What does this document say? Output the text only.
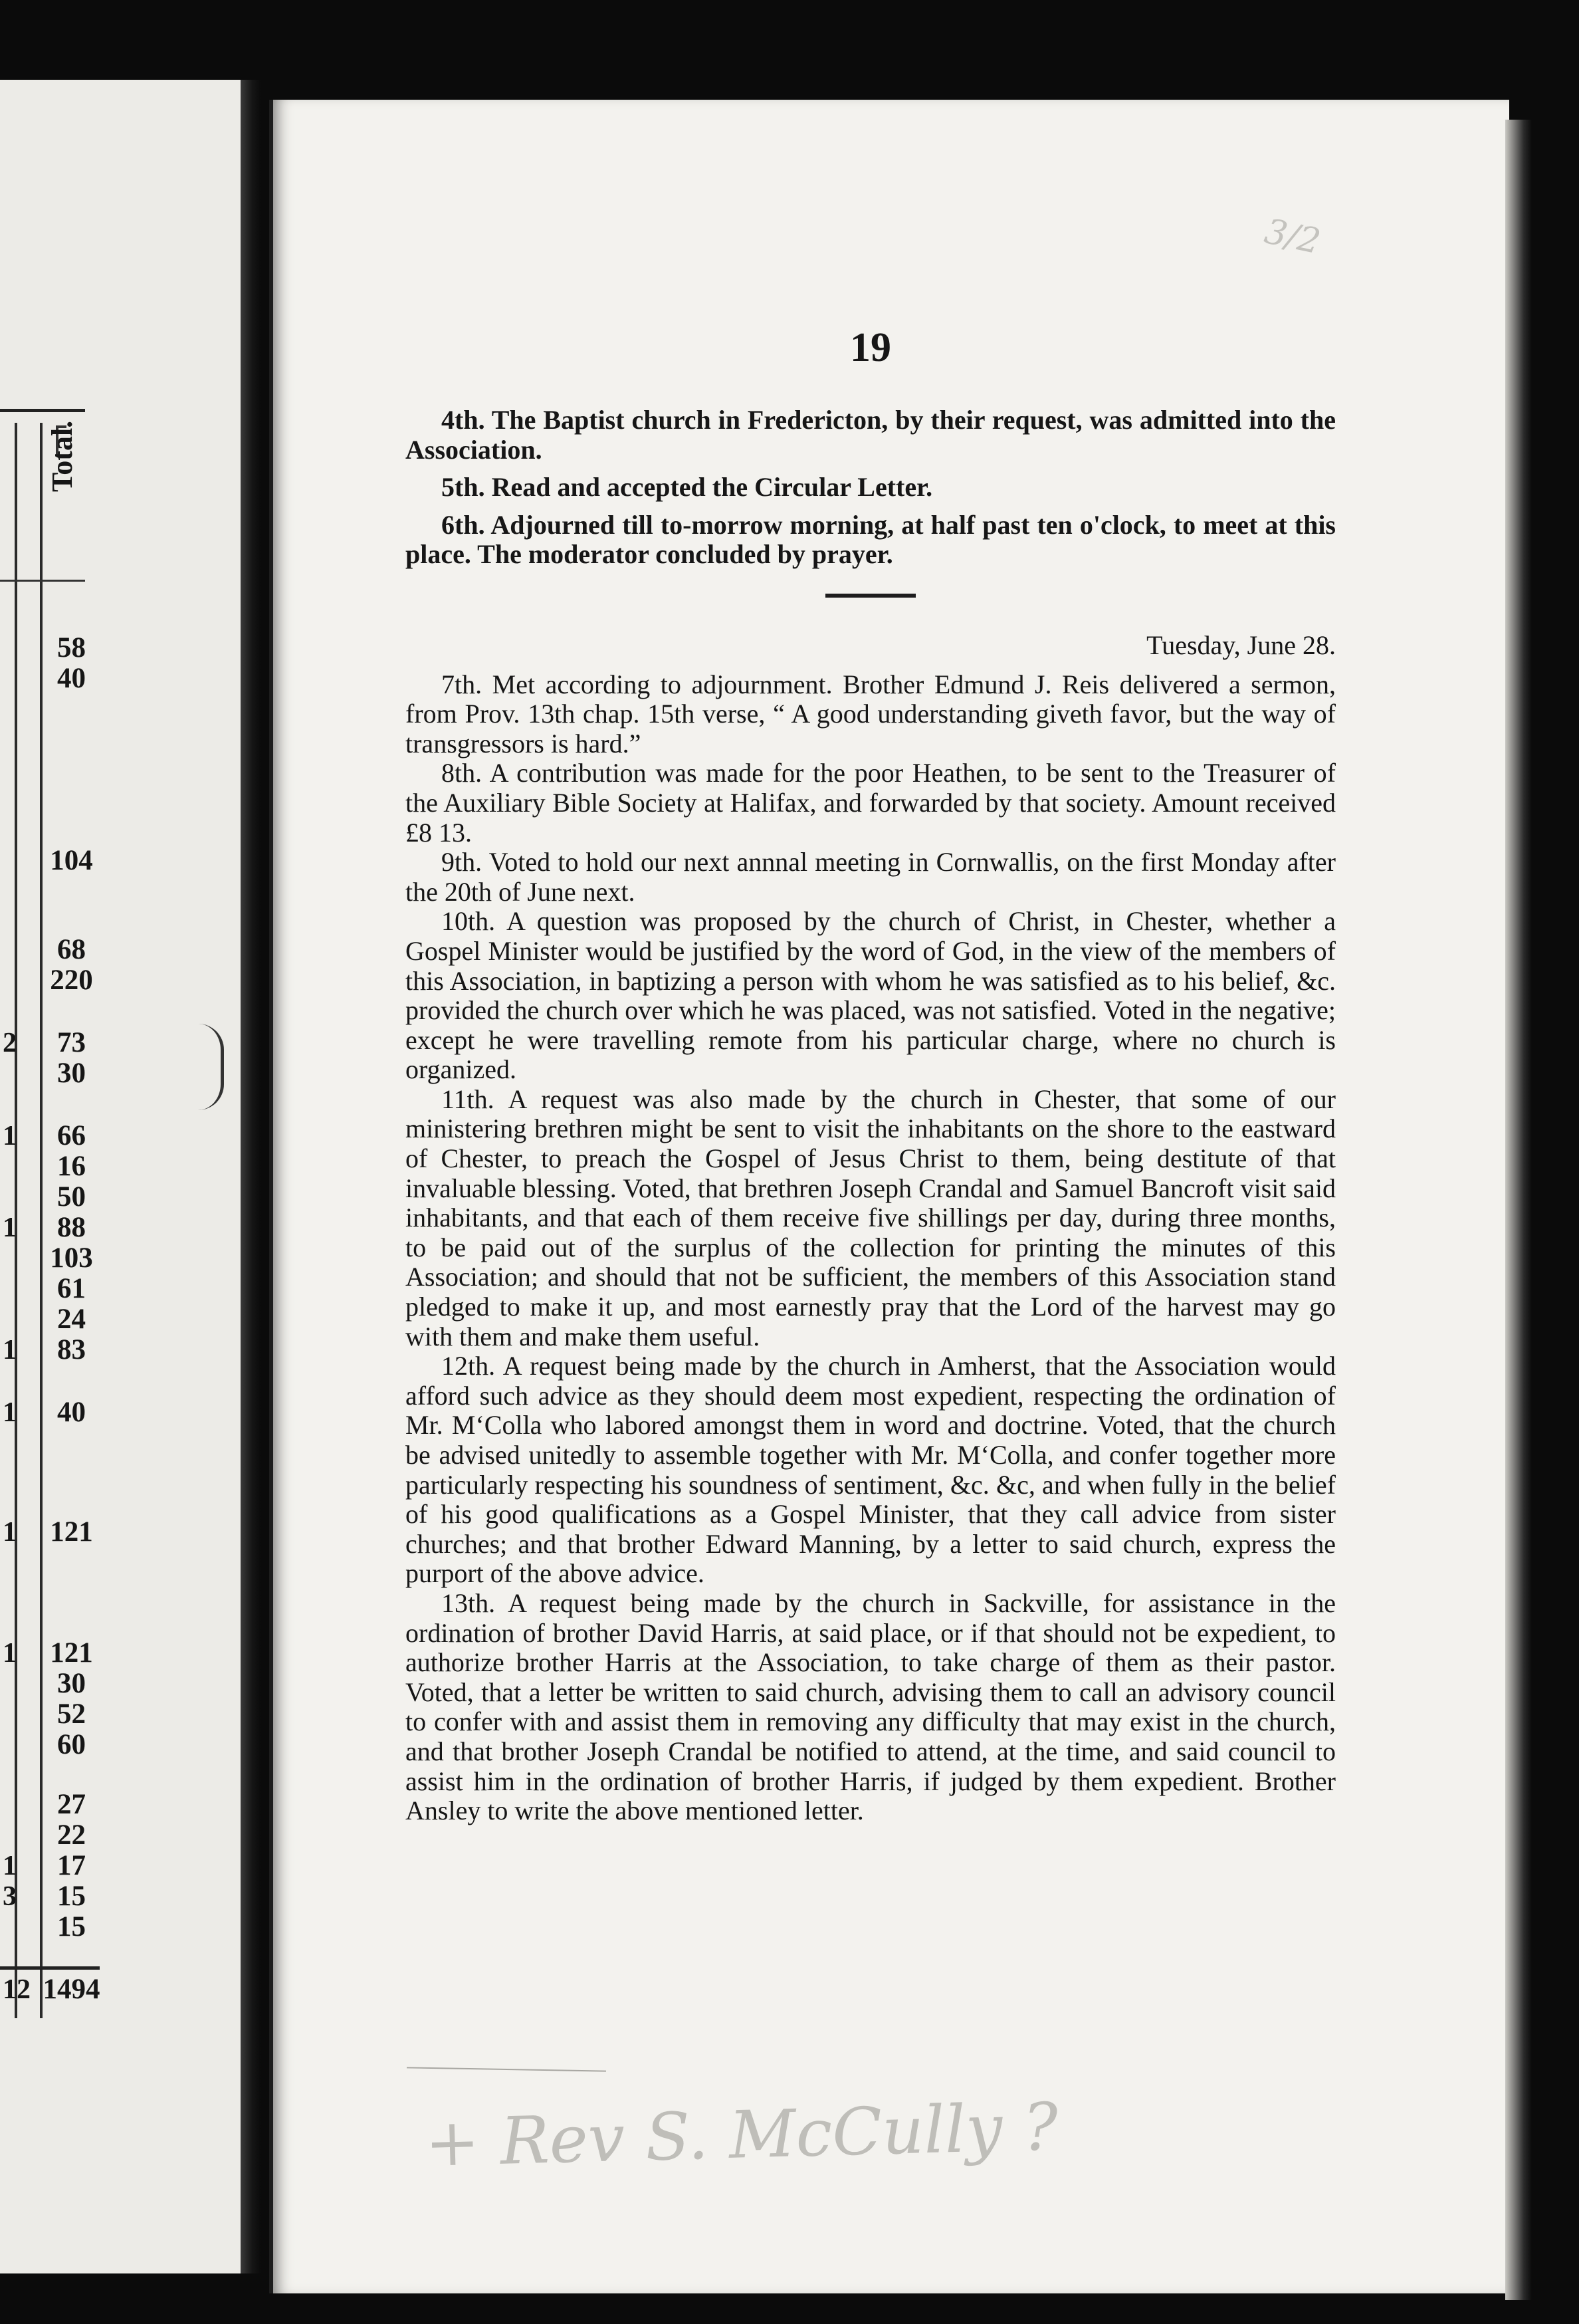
Total.
58
40
104
68
220
73
30
66
16
50
88
103
61
24
83
40
121
121
30
52
60
27
22
17
15
15
2
1
1
1
1
1
1
1
3
12 1494
3/2
19

4th. The Baptist church in Fredericton, by their request, was admitted into the Association.

5th. Read and accepted the Circular Letter.

6th. Adjourned till to-morrow morning, at half past ten o'clock, to meet at this place. The moderator concluded by prayer.

Tuesday, June 28.

7th. Met according to adjournment. Brother Edmund J. Reis delivered a sermon, from Prov. 13th chap. 15th verse, “ A good understanding giveth favor, but the way of transgressors is hard.”

8th. A contribution was made for the poor Heathen, to be sent to the Treasurer of the Auxiliary Bible Society at Halifax, and forwarded by that society. Amount received £8 13.

9th. Voted to hold our next annnal meeting in Cornwallis, on the first Monday after the 20th of June next.

10th. A question was proposed by the church of Christ, in Chester, whether a Gospel Minister would be justified by the word of God, in the view of the members of this Association, in baptizing a person with whom he was satisfied as to his belief, &c. provided the church over which he was placed, was not satisfied. Voted in the negative; except he were travelling remote from his particular charge, where no church is organized.

11th. A request was also made by the church in Chester, that some of our ministering brethren might be sent to visit the inhabitants on the shore to the eastward of Chester, to preach the Gospel of Jesus Christ to them, being destitute of that invaluable blessing. Voted, that brethren Joseph Crandal and Samuel Bancroft visit said inhabitants, and that each of them receive five shillings per day, during three months, to be paid out of the surplus of the collection for printing the minutes of this Association; and should that not be sufficient, the members of this Association stand pledged to make it up, and most earnestly pray that the Lord of the harvest may go with them and make them useful.

12th. A request being made by the church in Amherst, that the Association would afford such advice as they should deem most expedient, respecting the ordination of Mr. M‘Colla who labored amongst them in word and doctrine. Voted, that the church be advised unitedly to assemble together with Mr. M‘Colla, and confer together more particularly respecting his soundness of sentiment, &c. &c, and when fully in the belief of his good qualifications as a Gospel Minister, that they call advice from sister churches; and that brother Edward Manning, by a letter to said church, express the purport of the above advice.

13th. A request being made by the church in Sackville, for assistance in the ordination of brother David Harris, at said place, or if that should not be expedient, to authorize brother Harris at the Association, to take charge of them as their pastor. Voted, that a letter be written to said church, advising them to call an advisory council to confer with and assist them in removing any difficulty that may exist in the church, and that brother Joseph Crandal be notified to attend, at the time, and said council to assist him in the ordination of brother Harris, if judged by them expedient. Brother Ansley to write the above mentioned letter.

+ Rev S. McCully ?
